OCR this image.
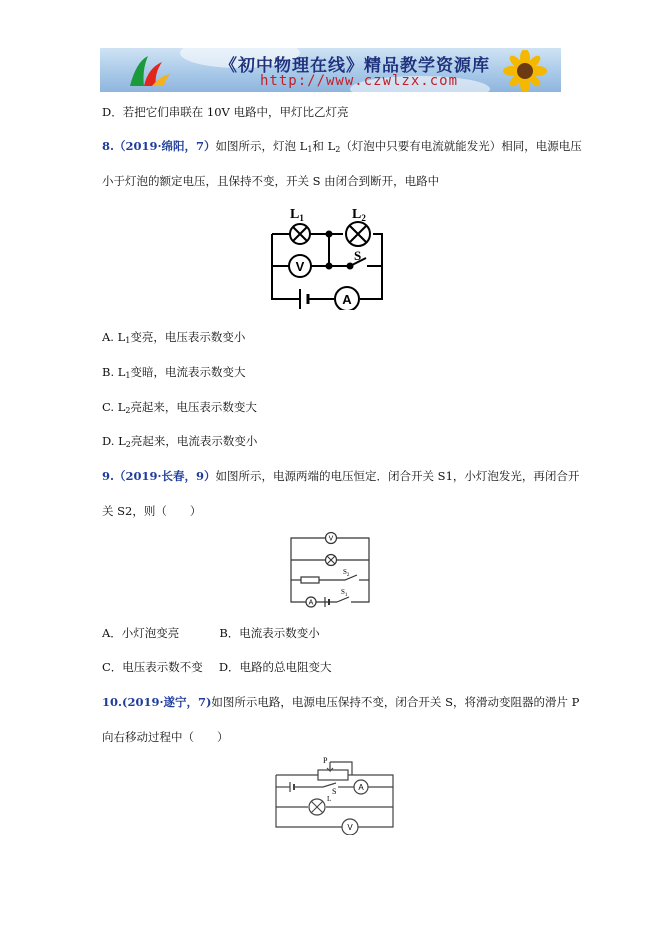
《初中物理在线》精品教学资源库
http://www.czwlzx.com
D．若把它们串联在 10V 电路中，甲灯比乙灯亮
8.（2019·绵阳，7）如图所示，灯泡 $L_1$和 $L_2$（灯泡中只要有电流就能发光）相同，电源电压
小于灯泡的额定电压，且保持不变，开关 S 由闭合到断开，电路中
V
A
$L_1$	$L_2$
S
A. $L_1$变亮，电压表示数变小
B. $L_1$变暗，电流表示数变大
C. $L_2$亮起来，电压表示数变大
D. $L_2$亮起来，电流表示数变小
9.（2019·长春，9）如图所示，电源两端的电压恒定．闭合开关 S1，小灯泡发光，再闭合开
关 S2，则（　　）
V
$S_2$
A
$S_1$
A．小灯泡变亮	B．电流表示数变小
C．电压表示数不变 D．电路的总电阻变大
10.(2019·遂宁，7)如图所示电路，电源电压保持不变，闭合开关 S，将滑动变阻器的滑片 P
向右移动过程中（　　）
P
S	A
L
V
